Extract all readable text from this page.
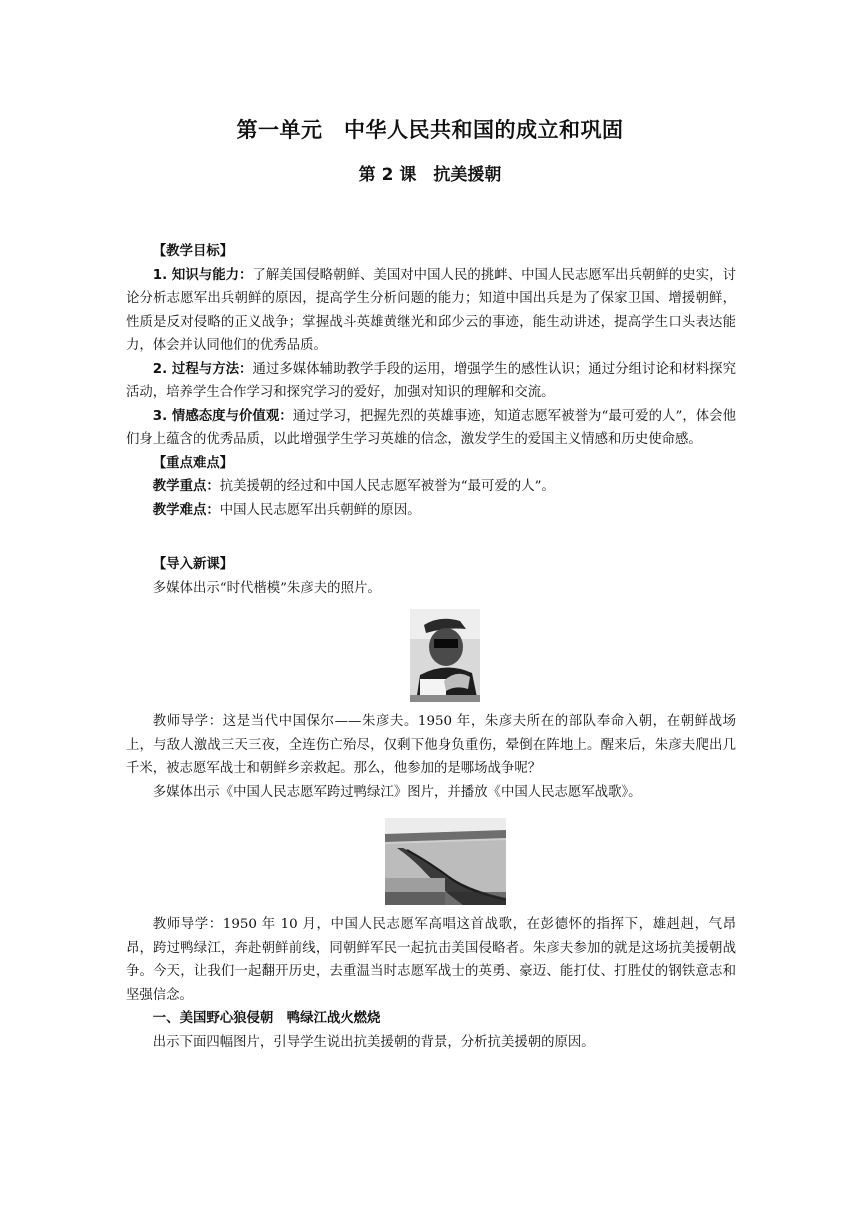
第一单元　中华人民共和国的成立和巩固
第 2 课　抗美援朝

【教学目标】

1. 知识与能力：了解美国侵略朝鲜、美国对中国人民的挑衅、中国人民志愿军出兵朝鲜的史实，讨论分析志愿军出兵朝鲜的原因，提高学生分析问题的能力；知道中国出兵是为了保家卫国、增援朝鲜，性质是反对侵略的正义战争；掌握战斗英雄黄继光和邱少云的事迹，能生动讲述，提高学生口头表达能力，体会并认同他们的优秀品质。

2. 过程与方法：通过多媒体辅助教学手段的运用，增强学生的感性认识；通过分组讨论和材料探究活动，培养学生合作学习和探究学习的爱好，加强对知识的理解和交流。

3. 情感态度与价值观：通过学习，把握先烈的英雄事迹，知道志愿军被誉为“最可爱的人”，体会他们身上蕴含的优秀品质，以此增强学生学习英雄的信念，激发学生的爱国主义情感和历史使命感。

【重点难点】

教学重点：抗美援朝的经过和中国人民志愿军被誉为“最可爱的人”。

教学难点：中国人民志愿军出兵朝鲜的原因。

【导入新课】

多媒体出示“时代楷模”朱彦夫的照片。

教师导学：这是当代中国保尔——朱彦夫。1950 年，朱彦夫所在的部队奉命入朝，在朝鲜战场上，与敌人激战三天三夜，全连伤亡殆尽，仅剩下他身负重伤，晕倒在阵地上。醒来后，朱彦夫爬出几千米，被志愿军战士和朝鲜乡亲救起。那么，他参加的是哪场战争呢？

多媒体出示《中国人民志愿军跨过鸭绿江》图片，并播放《中国人民志愿军战歌》。

教师导学：1950 年 10 月，中国人民志愿军高唱这首战歌，在彭德怀的指挥下，雄赳赳，气昂昂，跨过鸭绿江，奔赴朝鲜前线，同朝鲜军民一起抗击美国侵略者。朱彦夫参加的就是这场抗美援朝战争。今天，让我们一起翻开历史，去重温当时志愿军战士的英勇、豪迈、能打仗、打胜仗的钢铁意志和坚强信念。

一、美国野心狼侵朝　鸭绿江战火燃烧

出示下面四幅图片，引导学生说出抗美援朝的背景，分析抗美援朝的原因。
